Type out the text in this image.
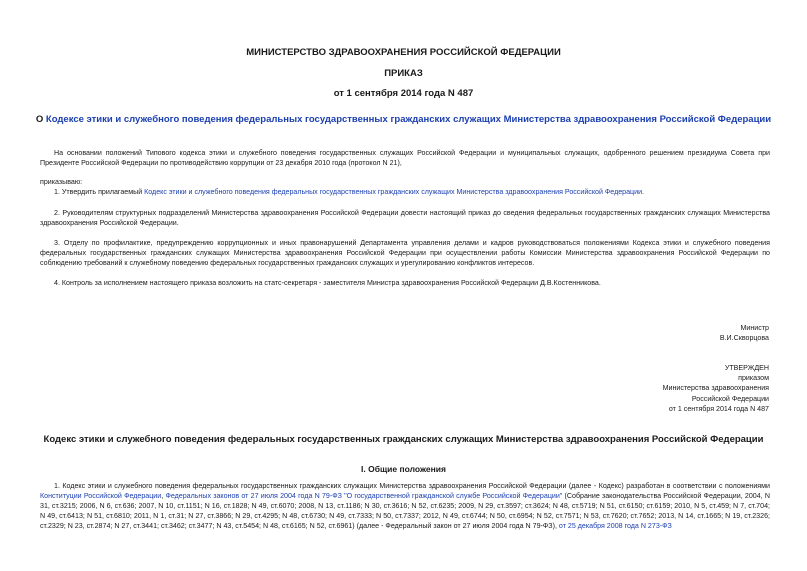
МИНИСТЕРСТВО ЗДРАВООХРАНЕНИЯ РОССИЙСКОЙ ФЕДЕРАЦИИ
ПРИКАЗ
от 1 сентября 2014 года N 487
О Кодексе этики и служебного поведения федеральных государственных гражданских служащих Министерства здравоохранения Российской Федерации
На основании положений Типового кодекса этики и служебного поведения государственных служащих Российской Федерации и муниципальных служащих, одобренного решением президиума Совета при Президенте Российской Федерации по противодействию коррупции от 23 декабря 2010 года (протокол N 21),
приказываю:
1. Утвердить прилагаемый Кодекс этики и служебного поведения федеральных государственных гражданских служащих Министерства здравоохранения Российской Федерации.
2. Руководителям структурных подразделений Министерства здравоохранения Российской Федерации довести настоящий приказ до сведения федеральных государственных гражданских служащих Министерства здравоохранения Российской Федерации.
3. Отделу по профилактике, предупреждению коррупционных и иных правонарушений Департамента управления делами и кадров руководствоваться положениями Кодекса этики и служебного поведения федеральных государственных гражданских служащих Министерства здравоохранения Российской Федерации при осуществлении работы Комиссии Министерства здравоохранения Российской Федерации по соблюдению требований к служебному поведению федеральных государственных гражданских служащих и урегулированию конфликтов интересов.
4. Контроль за исполнением настоящего приказа возложить на статс-секретаря - заместителя Министра здравоохранения Российской Федерации Д.В.Костенникова.
Министр
В.И.Скворцова
УТВЕРЖДЕН
приказом
Министерства здравоохранения
Российской Федерации
от 1 сентября 2014 года N 487
Кодекс этики и служебного поведения федеральных государственных гражданских служащих Министерства здравоохранения Российской Федерации
I. Общие положения
1. Кодекс этики и служебного поведения федеральных государственных гражданских служащих Министерства здравоохранения Российской Федерации (далее - Кодекс) разработан в соответствии с положениями Конституции Российской Федерации, Федеральных законов от 27 июля 2004 года N 79-ФЗ "О государственной гражданской службе Российской Федерации" (Собрание законодательства Российской Федерации, 2004, N 31, ст.3215; 2006, N 6, ст.636; 2007, N 10, ст.1151; N 16, ст.1828; N 49, ст.6070; 2008, N 13, ст.1186; N 30, ст.3616; N 52, ст.6235; 2009, N 29, ст.3597; ст.3624; N 48, ст.5719; N 51, ст.6150; ст.6159; 2010, N 5, ст.459; N 7, ст.704; N 49, ст.6413; N 51, ст.6810; 2011, N 1, ст.31; N 27, ст.3866; N 29, ст.4295; N 48, ст.6730; N 49, ст.7333; N 50, ст.7337; 2012, N 49, ст.6744; N 50, ст.6954; N 52, ст.7571; N 53, ст.7620; ст.7652; 2013, N 14, ст.1665; N 19, ст.2326; ст.2329; N 23, ст.2874; N 27, ст.3441; ст.3462; ст.3477; N 43, ст.5454; N 48, ст.6165; N 52, ст.6961) (далее - Федеральный закон от 27 июля 2004 года N 79-ФЗ), от 25 декабря 2008 года N 273-ФЗ
